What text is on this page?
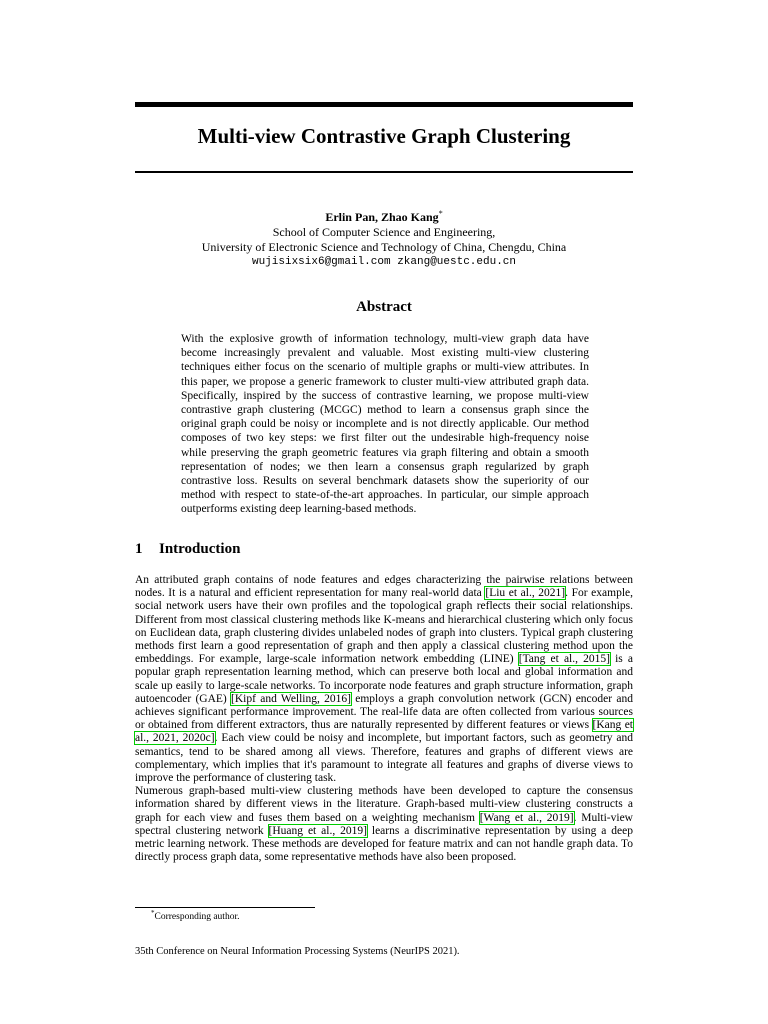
Multi-view Contrastive Graph Clustering
Erlin Pan, Zhao Kang*
School of Computer Science and Engineering,
University of Electronic Science and Technology of China, Chengdu, China
wujisixsix6@gmail.com zkang@uestc.edu.cn
Abstract

With the explosive growth of information technology, multi-view graph data have become increasingly prevalent and valuable. Most existing multi-view clustering techniques either focus on the scenario of multiple graphs or multi-view attributes. In this paper, we propose a generic framework to cluster multi-view attributed graph data. Specifically, inspired by the success of contrastive learning, we propose multi-view contrastive graph clustering (MCGC) method to learn a consensus graph since the original graph could be noisy or incomplete and is not directly applicable. Our method composes of two key steps: we first filter out the undesirable high-frequency noise while preserving the graph geometric features via graph filtering and obtain a smooth representation of nodes; we then learn a consensus graph regularized by graph contrastive loss. Results on several benchmark datasets show the superiority of our method with respect to state-of-the-art approaches. In particular, our simple approach outperforms existing deep learning-based methods.

1 Introduction

An attributed graph contains of node features and edges characterizing the pairwise relations between nodes. It is a natural and efficient representation for many real-world data [Liu et al., 2021]. For example, social network users have their own profiles and the topological graph reflects their social relationships. Different from most classical clustering methods like K-means and hierarchical clustering which only focus on Euclidean data, graph clustering divides unlabeled nodes of graph into clusters. Typical graph clustering methods first learn a good representation of graph and then apply a classical clustering method upon the embeddings. For example, large-scale information network embedding (LINE) [Tang et al., 2015] is a popular graph representation learning method, which can preserve both local and global information and scale up easily to large-scale networks. To incorporate node features and graph structure information, graph autoencoder (GAE) [Kipf and Welling, 2016] employs a graph convolution network (GCN) encoder and achieves significant performance improvement. The real-life data are often collected from various sources or obtained from different extractors, thus are naturally represented by different features or views [Kang et al., 2021, 2020c]. Each view could be noisy and incomplete, but important factors, such as geometry and semantics, tend to be shared among all views. Therefore, features and graphs of different views are complementary, which implies that it's paramount to integrate all features and graphs of diverse views to improve the performance of clustering task.

Numerous graph-based multi-view clustering methods have been developed to capture the consensus information shared by different views in the literature. Graph-based multi-view clustering constructs a graph for each view and fuses them based on a weighting mechanism [Wang et al., 2019]. Multi-view spectral clustering network [Huang et al., 2019] learns a discriminative representation by using a deep metric learning network. These methods are developed for feature matrix and can not handle graph data. To directly process graph data, some representative methods have also been proposed.

*Corresponding author.
35th Conference on Neural Information Processing Systems (NeurIPS 2021).
